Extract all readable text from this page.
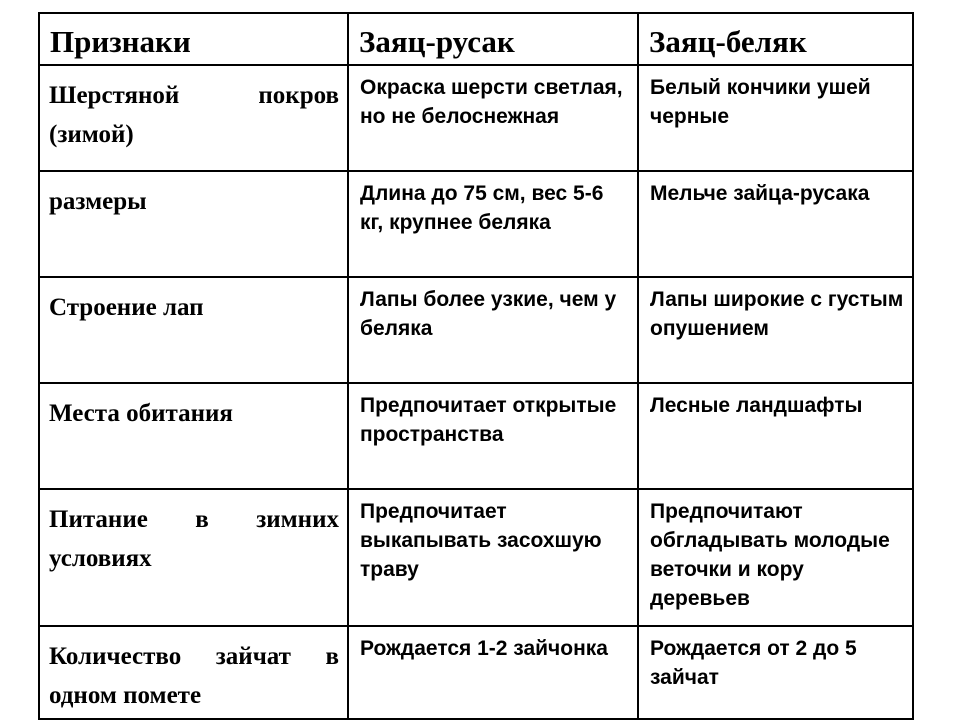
Признаки	Заяц-русак	Заяц-беляк
Шерстяной покров (зимой)	Окраска шерсти светлая, но не белоснежная	Белый кончики ушей черные
размеры	Длина до 75 см, вес 5-6 кг, крупнее беляка	Мельче зайца-русака
Строение лап	Лапы более узкие, чем у беляка	Лапы широкие с густым опушением
Места обитания	Предпочитает открытые пространства	Лесные ландшафты
Питание в зимних условиях	Предпочитает выкапывать засохшую траву	Предпочитают обгладывать молодые веточки и кору деревьев
Количество зайчат в одном помете	Рождается 1-2 зайчонка	Рождается от 2 до 5 зайчат
